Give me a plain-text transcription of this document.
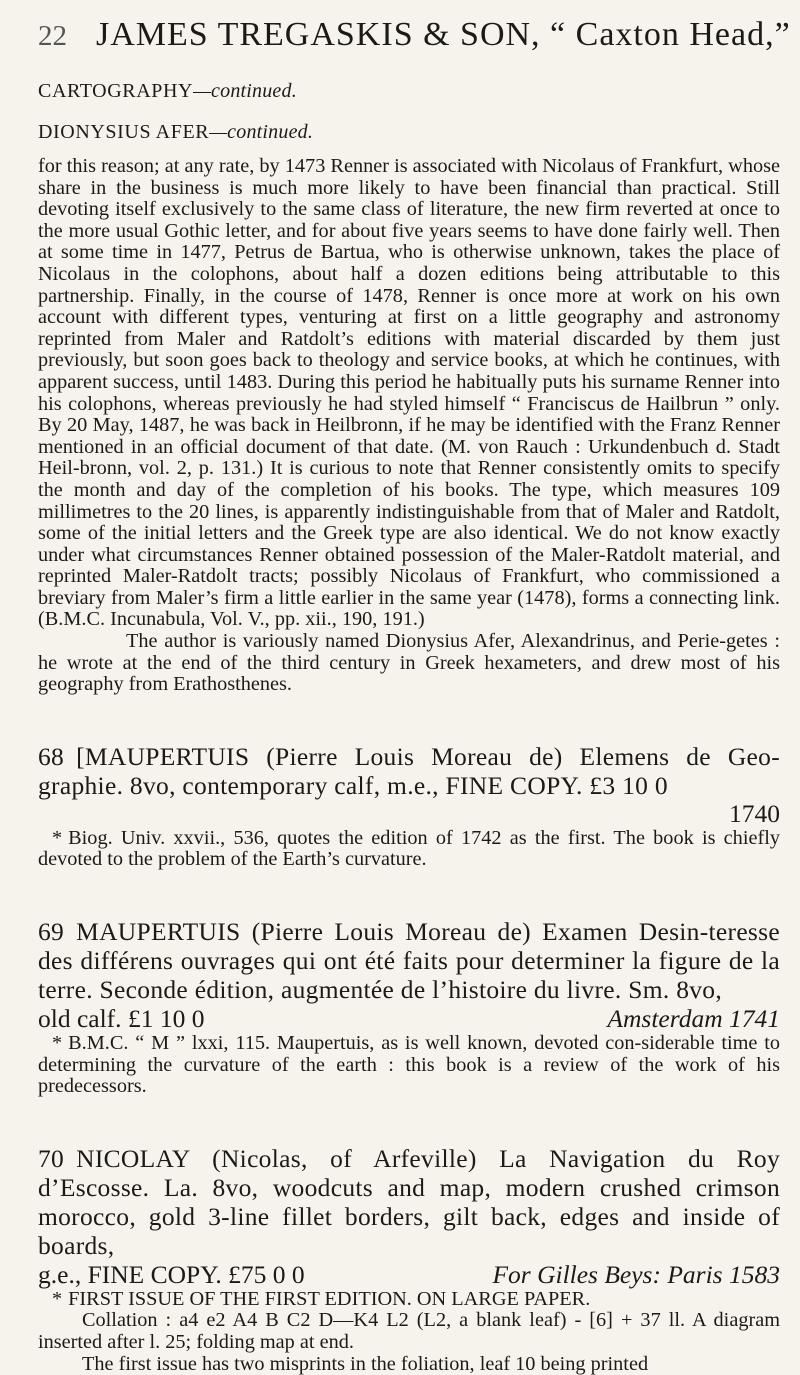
22 JAMES TREGASKIS & SON, “ Caxton Head,”
CARTOGRAPHY—continued.
DIONYSIUS AFER—continued.

for this reason; at any rate, by 1473 Renner is associated with Nicolaus of Frankfurt, whose share in the business is much more likely to have been financial than practical. Still devoting itself exclusively to the same class of literature, the new firm reverted at once to the more usual Gothic letter, and for about five years seems to have done fairly well. Then at some time in 1477, Petrus de Bartua, who is otherwise unknown, takes the place of Nicolaus in the colophons, about half a dozen editions being attributable to this partnership. Finally, in the course of 1478, Renner is once more at work on his own account with different types, venturing at first on a little geography and astronomy reprinted from Maler and Ratdolt’s editions with material discarded by them just previously, but soon goes back to theology and service books, at which he continues, with apparent success, until 1483. During this period he habitually puts his surname Renner into his colophons, whereas previously he had styled himself “ Franciscus de Hailbrun ” only. By 20 May, 1487, he was back in Heilbronn, if he may be identified with the Franz Renner mentioned in an official document of that date. (M. von Rauch : Urkundenbuch d. Stadt Heil-bronn, vol. 2, p. 131.) It is curious to note that Renner consistently omits to specify the month and day of the completion of his books. The type, which measures 109 millimetres to the 20 lines, is apparently indistinguishable from that of Maler and Ratdolt, some of the initial letters and the Greek type are also identical. We do not know exactly under what circumstances Renner obtained possession of the Maler-Ratdolt material, and reprinted Maler-Ratdolt tracts; possibly Nicolaus of Frankfurt, who commissioned a breviary from Maler’s firm a little earlier in the same year (1478), forms a connecting link. (B.M.C. Incunabula, Vol. V., pp. xii., 190, 191.)

The author is variously named Dionysius Afer, Alexandrinus, and Perie-getes : he wrote at the end of the third century in Greek hexameters, and drew most of his geography from Erathosthenes.

68 [MAUPERTUIS (Pierre Louis Moreau de) Elemens de Geo-graphie. 8vo, contemporary calf, m.e., FINE COPY. £3 10 0

1740

* Biog. Univ. xxvii., 536, quotes the edition of 1742 as the first. The book is chiefly devoted to the problem of the Earth’s curvature.

69 MAUPERTUIS (Pierre Louis Moreau de) Examen Desin-teresse des différens ouvrages qui ont été faits pour determiner la figure de la terre. Seconde édition, augmentée de l’histoire du livre. Sm. 8vo,

old calf. £1 10 0	Amsterdam 1741

* B.M.C. “ M ” lxxi, 115. Maupertuis, as is well known, devoted con-siderable time to determining the curvature of the earth : this book is a review of the work of his predecessors.

70 NICOLAY (Nicolas, of Arfeville) La Navigation du Roy d’Escosse. La. 8vo, woodcuts and map, modern crushed crimson morocco, gold 3-line fillet borders, gilt back, edges and inside of boards,

g.e., FINE COPY. £75 0 0	For Gilles Beys: Paris 1583

* FIRST ISSUE OF THE FIRST EDITION. ON LARGE PAPER.

Collation : a4 e2 A4 B C2 D—K4 L2 (L2, a blank leaf) - [6] + 37 ll. A diagram inserted after l. 25; folding map at end.

The first issue has two misprints in the foliation, leaf 10 being printed
